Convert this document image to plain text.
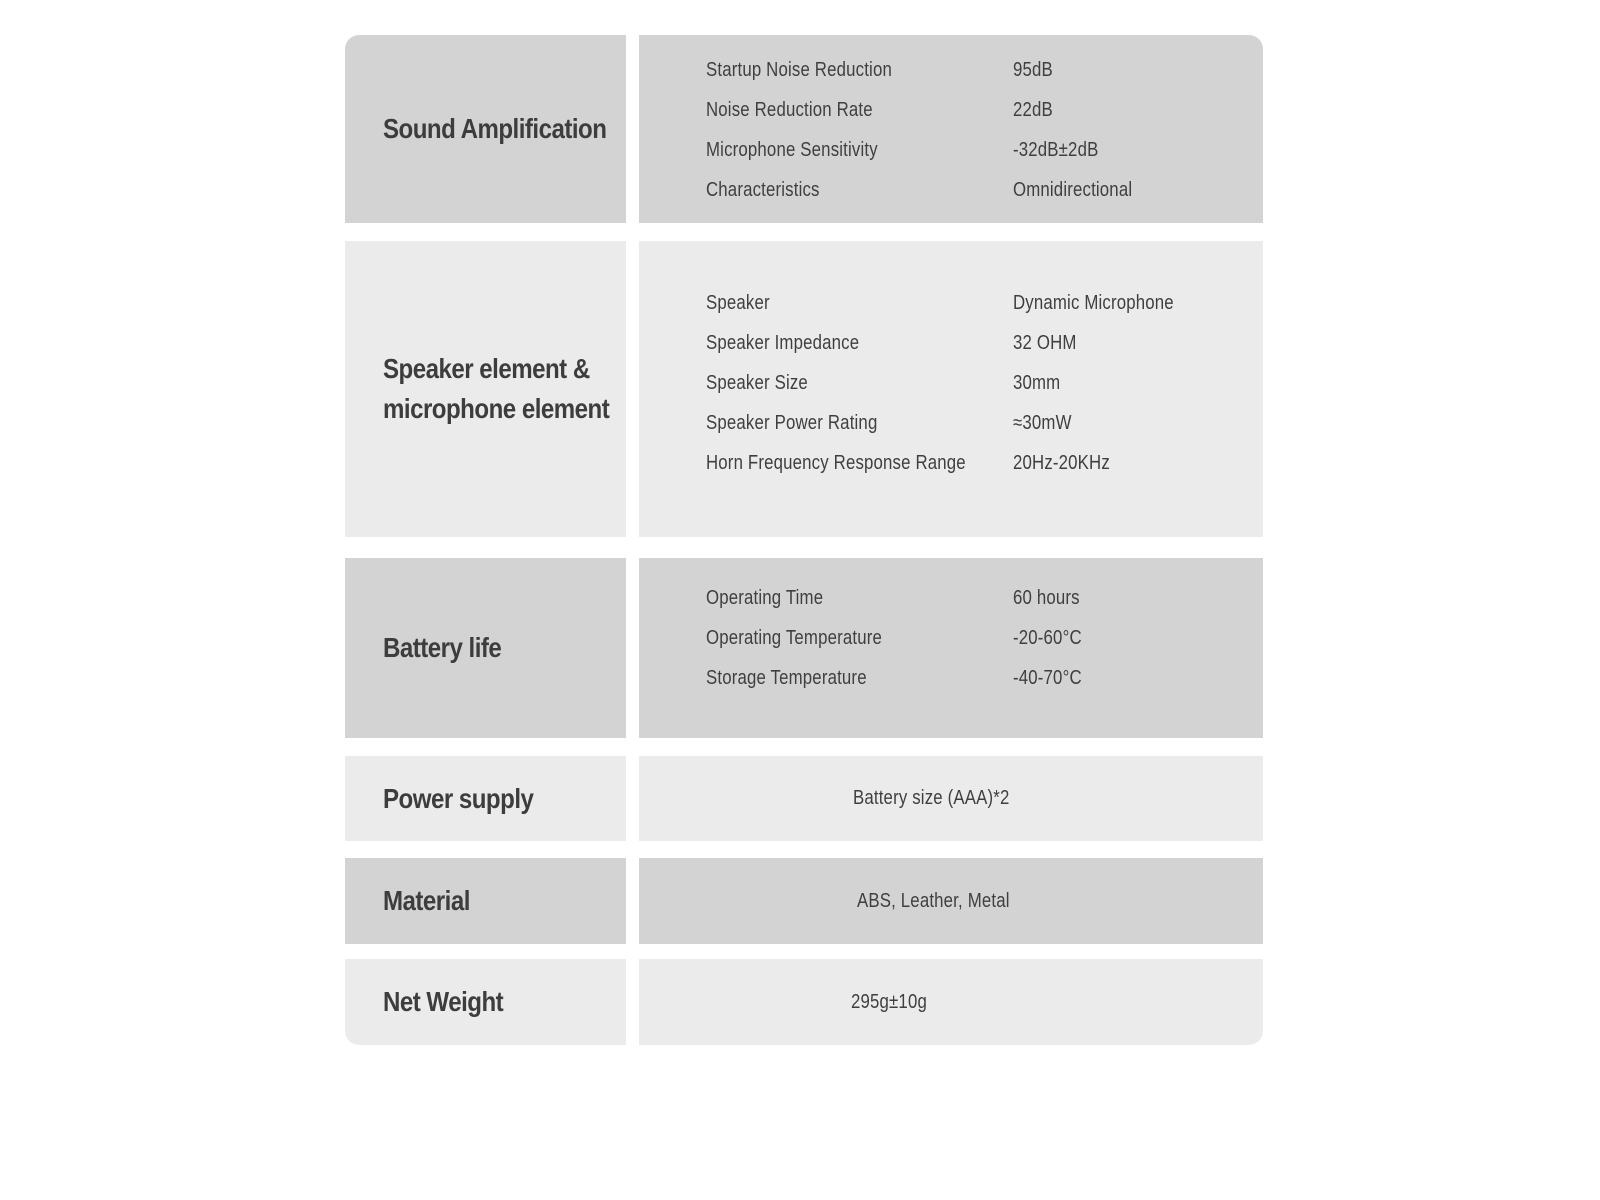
Sound Amplification
Startup Noise Reduction	95dB
Noise Reduction Rate	22dB
Microphone Sensitivity	-32dB±2dB
Characteristics	Omnidirectional
Speaker element &
microphone element
Speaker	Dynamic Microphone
Speaker Impedance	32 OHM
Speaker Size	30mm
Speaker Power Rating	≈30mW
Horn Frequency Response Range 20Hz-20KHz
Battery life
Operating Time	60 hours
Operating Temperature	-20-60°C
Storage Temperature	-40-70°C
Power supply	Battery size (AAA)*2
Material	ABS, Leather, Metal
Net Weight	295g±10g
